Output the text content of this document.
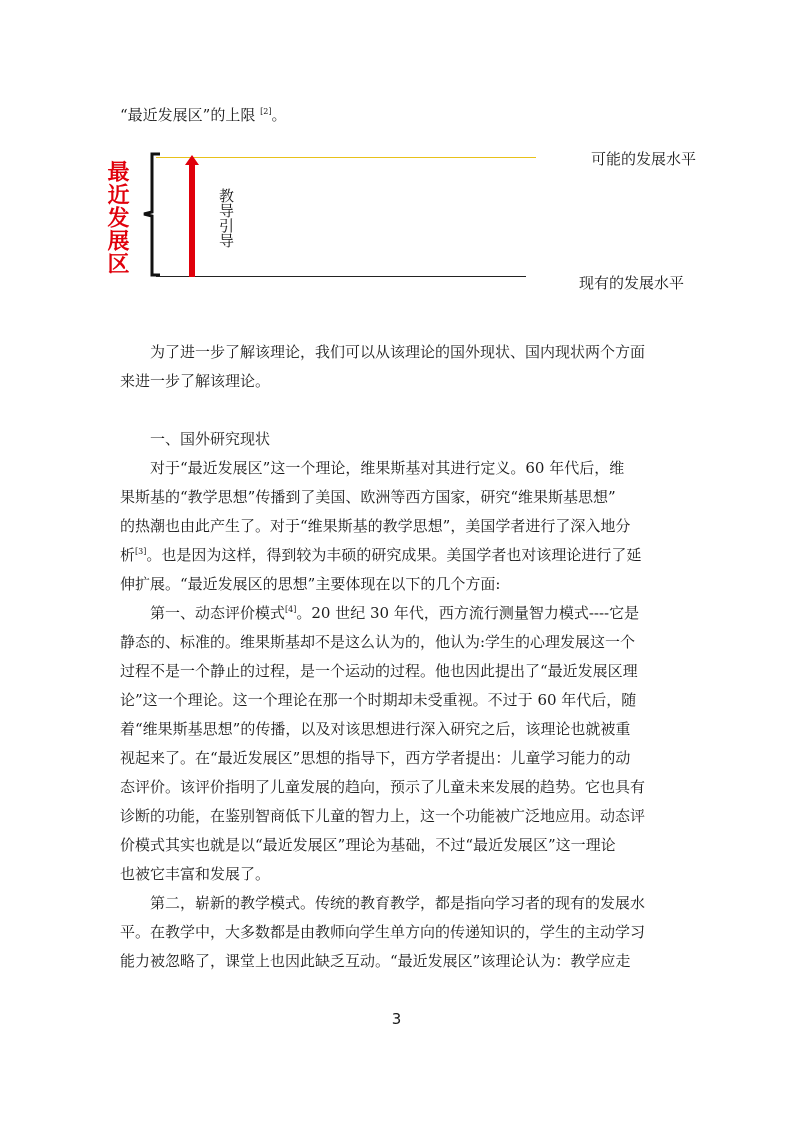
“最近发展区”的上限 [2]。
最近发展区	教导引导
可能的发展水平
现有的发展水平
为了进一步了解该理论，我们可以从该理论的国外现状、国内现状两个方面
来进一步了解该理论。
一、国外研究现状
对于“最近发展区”这一个理论，维果斯基对其进行定义。60 年代后，维
果斯基的“教学思想”传播到了美国、欧洲等西方国家，研究“维果斯基思想”
的热潮也由此产生了。对于“维果斯基的教学思想”，美国学者进行了深入地分
析[3]。也是因为这样，得到较为丰硕的研究成果。美国学者也对该理论进行了延
伸扩展。“最近发展区的思想”主要体现在以下的几个方面:
第一、动态评价模式[4]。20 世纪 30 年代，西方流行测量智力模式----它是
静态的、标准的。维果斯基却不是这么认为的，他认为:学生的心理发展这一个
过程不是一个静止的过程，是一个运动的过程。他也因此提出了“最近发展区理
论”这一个理论。这一个理论在那一个时期却未受重视。不过于 60 年代后，随
着“维果斯基思想”的传播，以及对该思想进行深入研究之后，该理论也就被重
视起来了。在“最近发展区”思想的指导下，西方学者提出：儿童学习能力的动
态评价。该评价指明了儿童发展的趋向，预示了儿童未来发展的趋势。它也具有
诊断的功能，在鉴别智商低下儿童的智力上，这一个功能被广泛地应用。动态评
价模式其实也就是以“最近发展区”理论为基础，不过“最近发展区”这一理论
也被它丰富和发展了。
第二，崭新的教学模式。传统的教育教学，都是指向学习者的现有的发展水
平。在教学中，大多数都是由教师向学生单方向的传递知识的，学生的主动学习
能力被忽略了，课堂上也因此缺乏互动。“最近发展区”该理论认为：教学应走
3
